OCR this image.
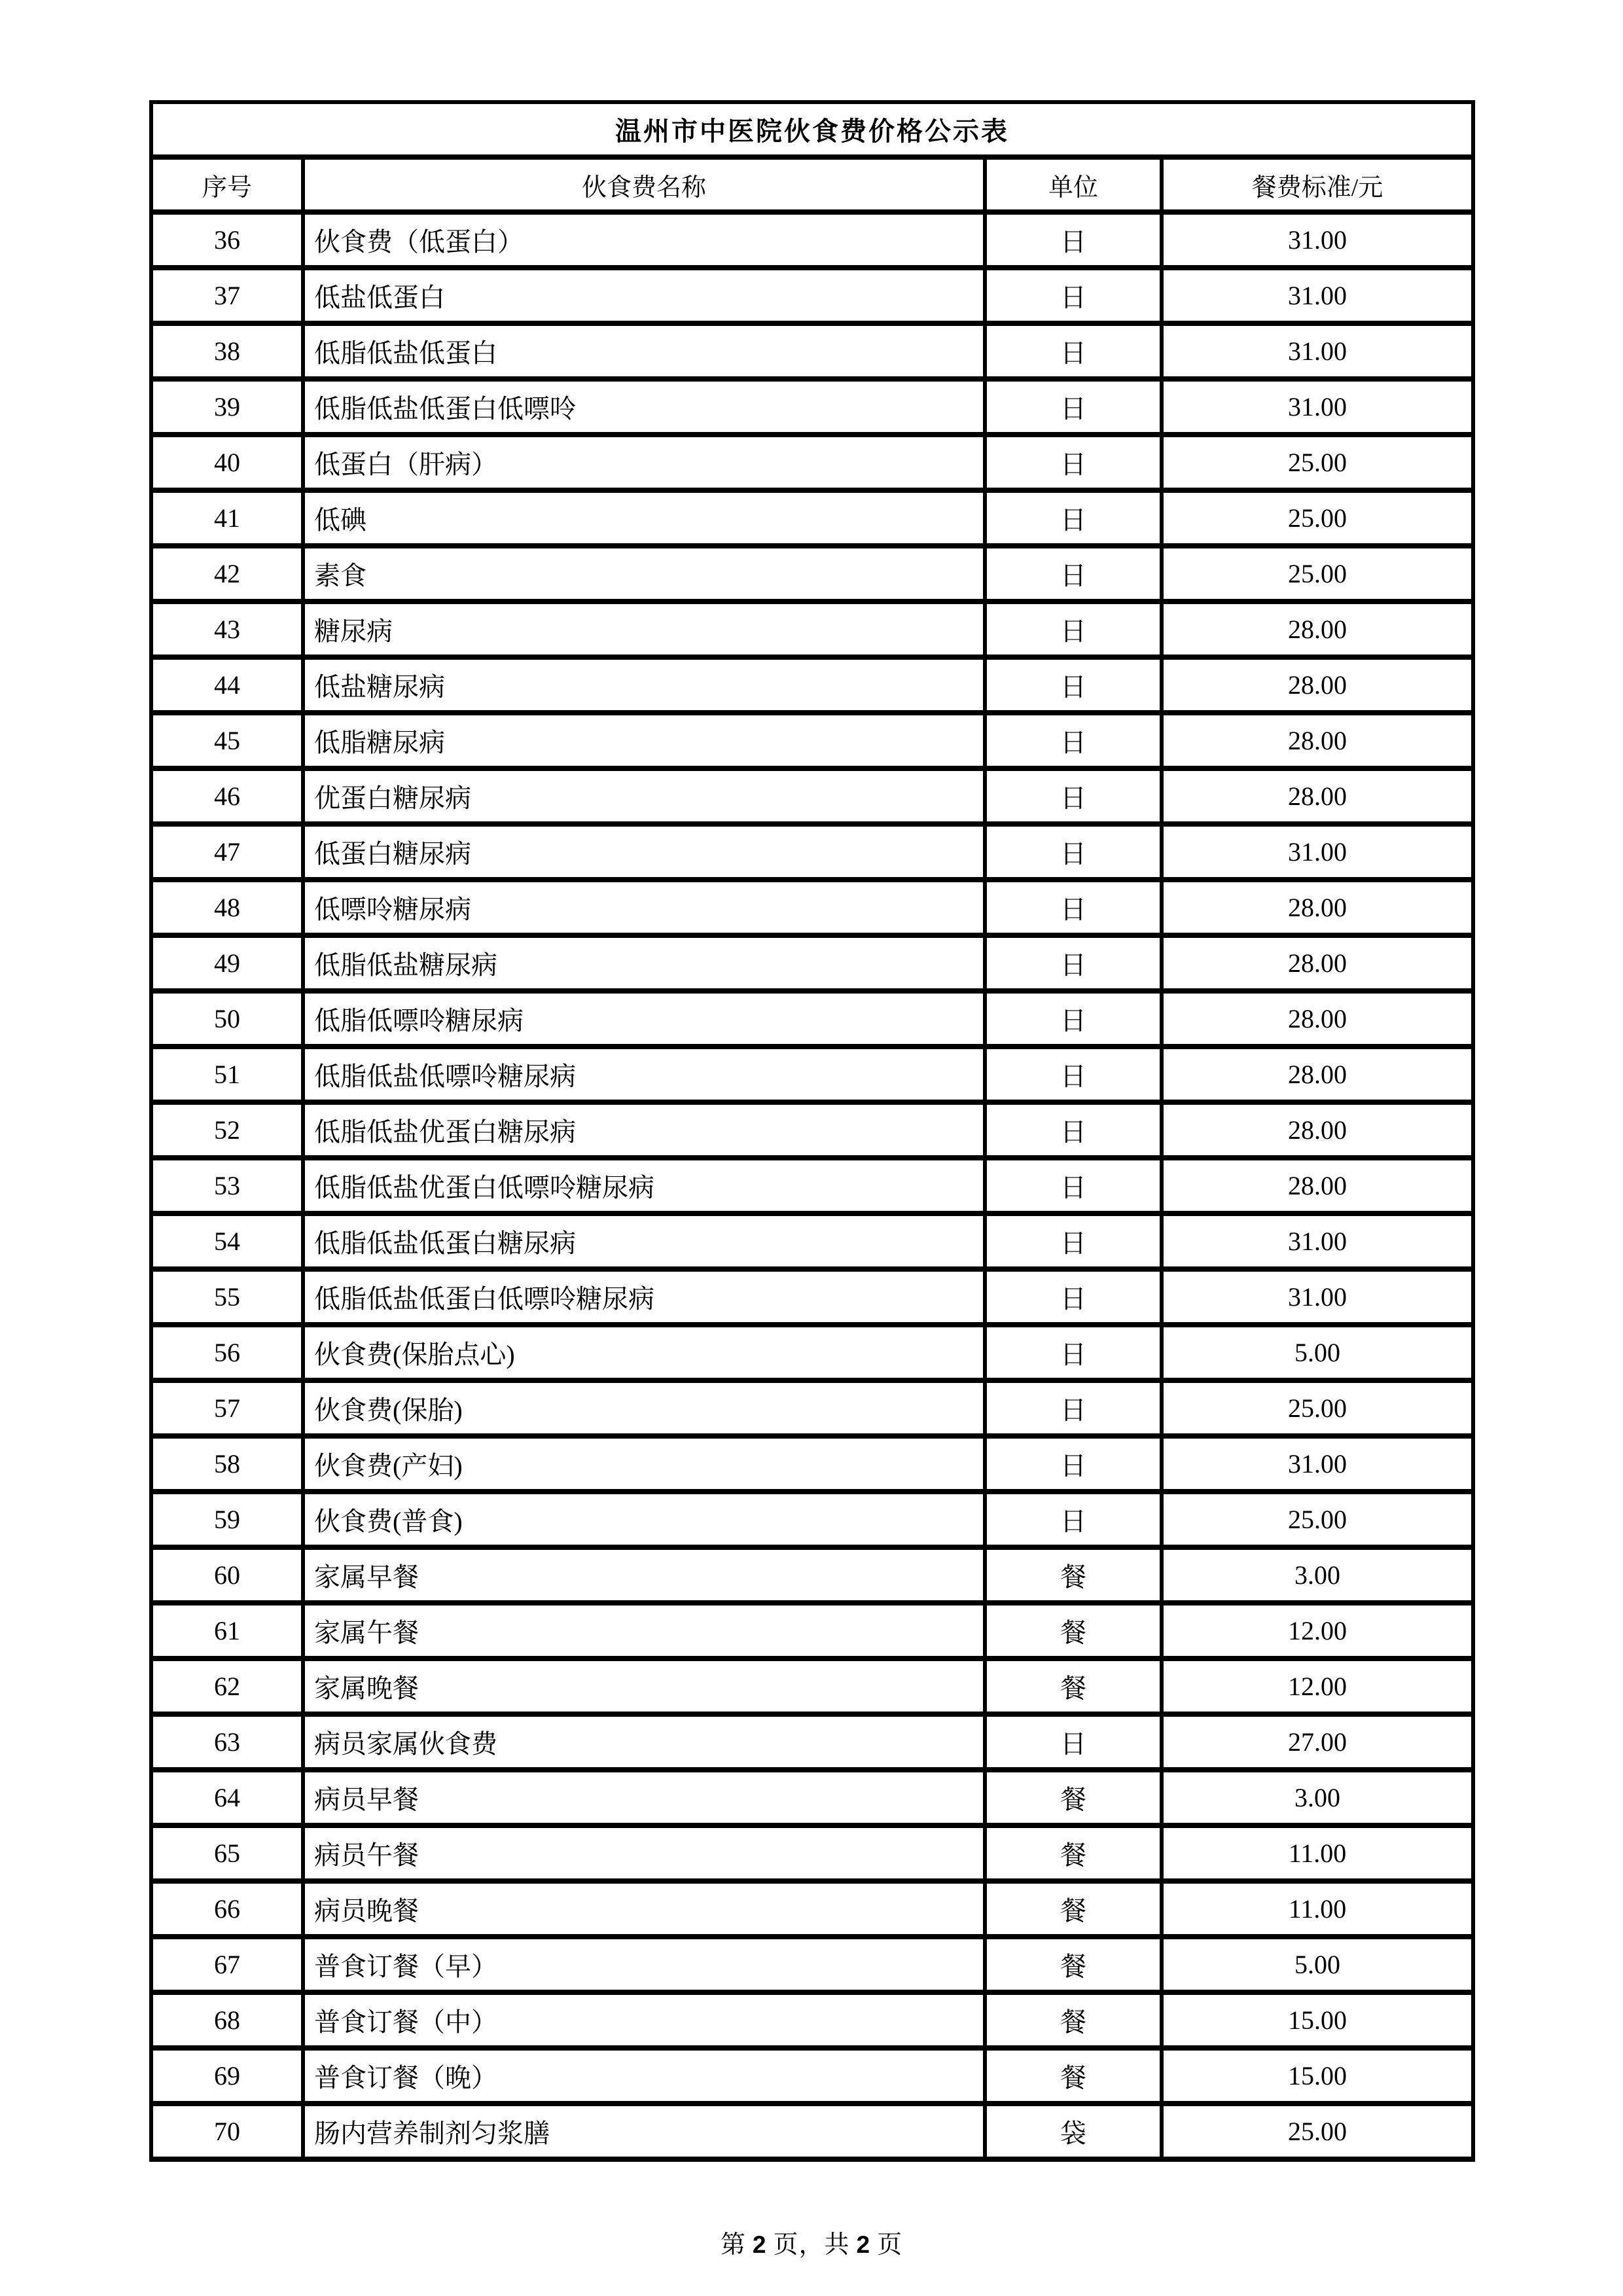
温州市中医院伙食费价格公示表			
序号	伙食费名称	单位	餐费标准/元
36	伙食费（低蛋白）	日	31.00
37	低盐低蛋白	日	31.00
38	低脂低盐低蛋白	日	31.00
39	低脂低盐低蛋白低嘌呤	日	31.00
40	低蛋白（肝病）	日	25.00
41	低碘	日	25.00
42	素食	日	25.00
43	糖尿病	日	28.00
44	低盐糖尿病	日	28.00
45	低脂糖尿病	日	28.00
46	优蛋白糖尿病	日	28.00
47	低蛋白糖尿病	日	31.00
48	低嘌呤糖尿病	日	28.00
49	低脂低盐糖尿病	日	28.00
50	低脂低嘌呤糖尿病	日	28.00
51	低脂低盐低嘌呤糖尿病	日	28.00
52	低脂低盐优蛋白糖尿病	日	28.00
53	低脂低盐优蛋白低嘌呤糖尿病	日	28.00
54	低脂低盐低蛋白糖尿病	日	31.00
55	低脂低盐低蛋白低嘌呤糖尿病	日	31.00
56	伙食费(保胎点心)	日	5.00
57	伙食费(保胎)	日	25.00
58	伙食费(产妇)	日	31.00
59	伙食费(普食)	日	25.00
60	家属早餐	餐	3.00
61	家属午餐	餐	12.00
62	家属晚餐	餐	12.00
63	病员家属伙食费	日	27.00
64	病员早餐	餐	3.00
65	病员午餐	餐	11.00
66	病员晚餐	餐	11.00
67	普食订餐（早）	餐	5.00
68	普食订餐（中）	餐	15.00
69	普食订餐（晚）	餐	15.00
70	肠内营养制剂匀浆膳	袋	25.00
第 2 页，共 2 页
